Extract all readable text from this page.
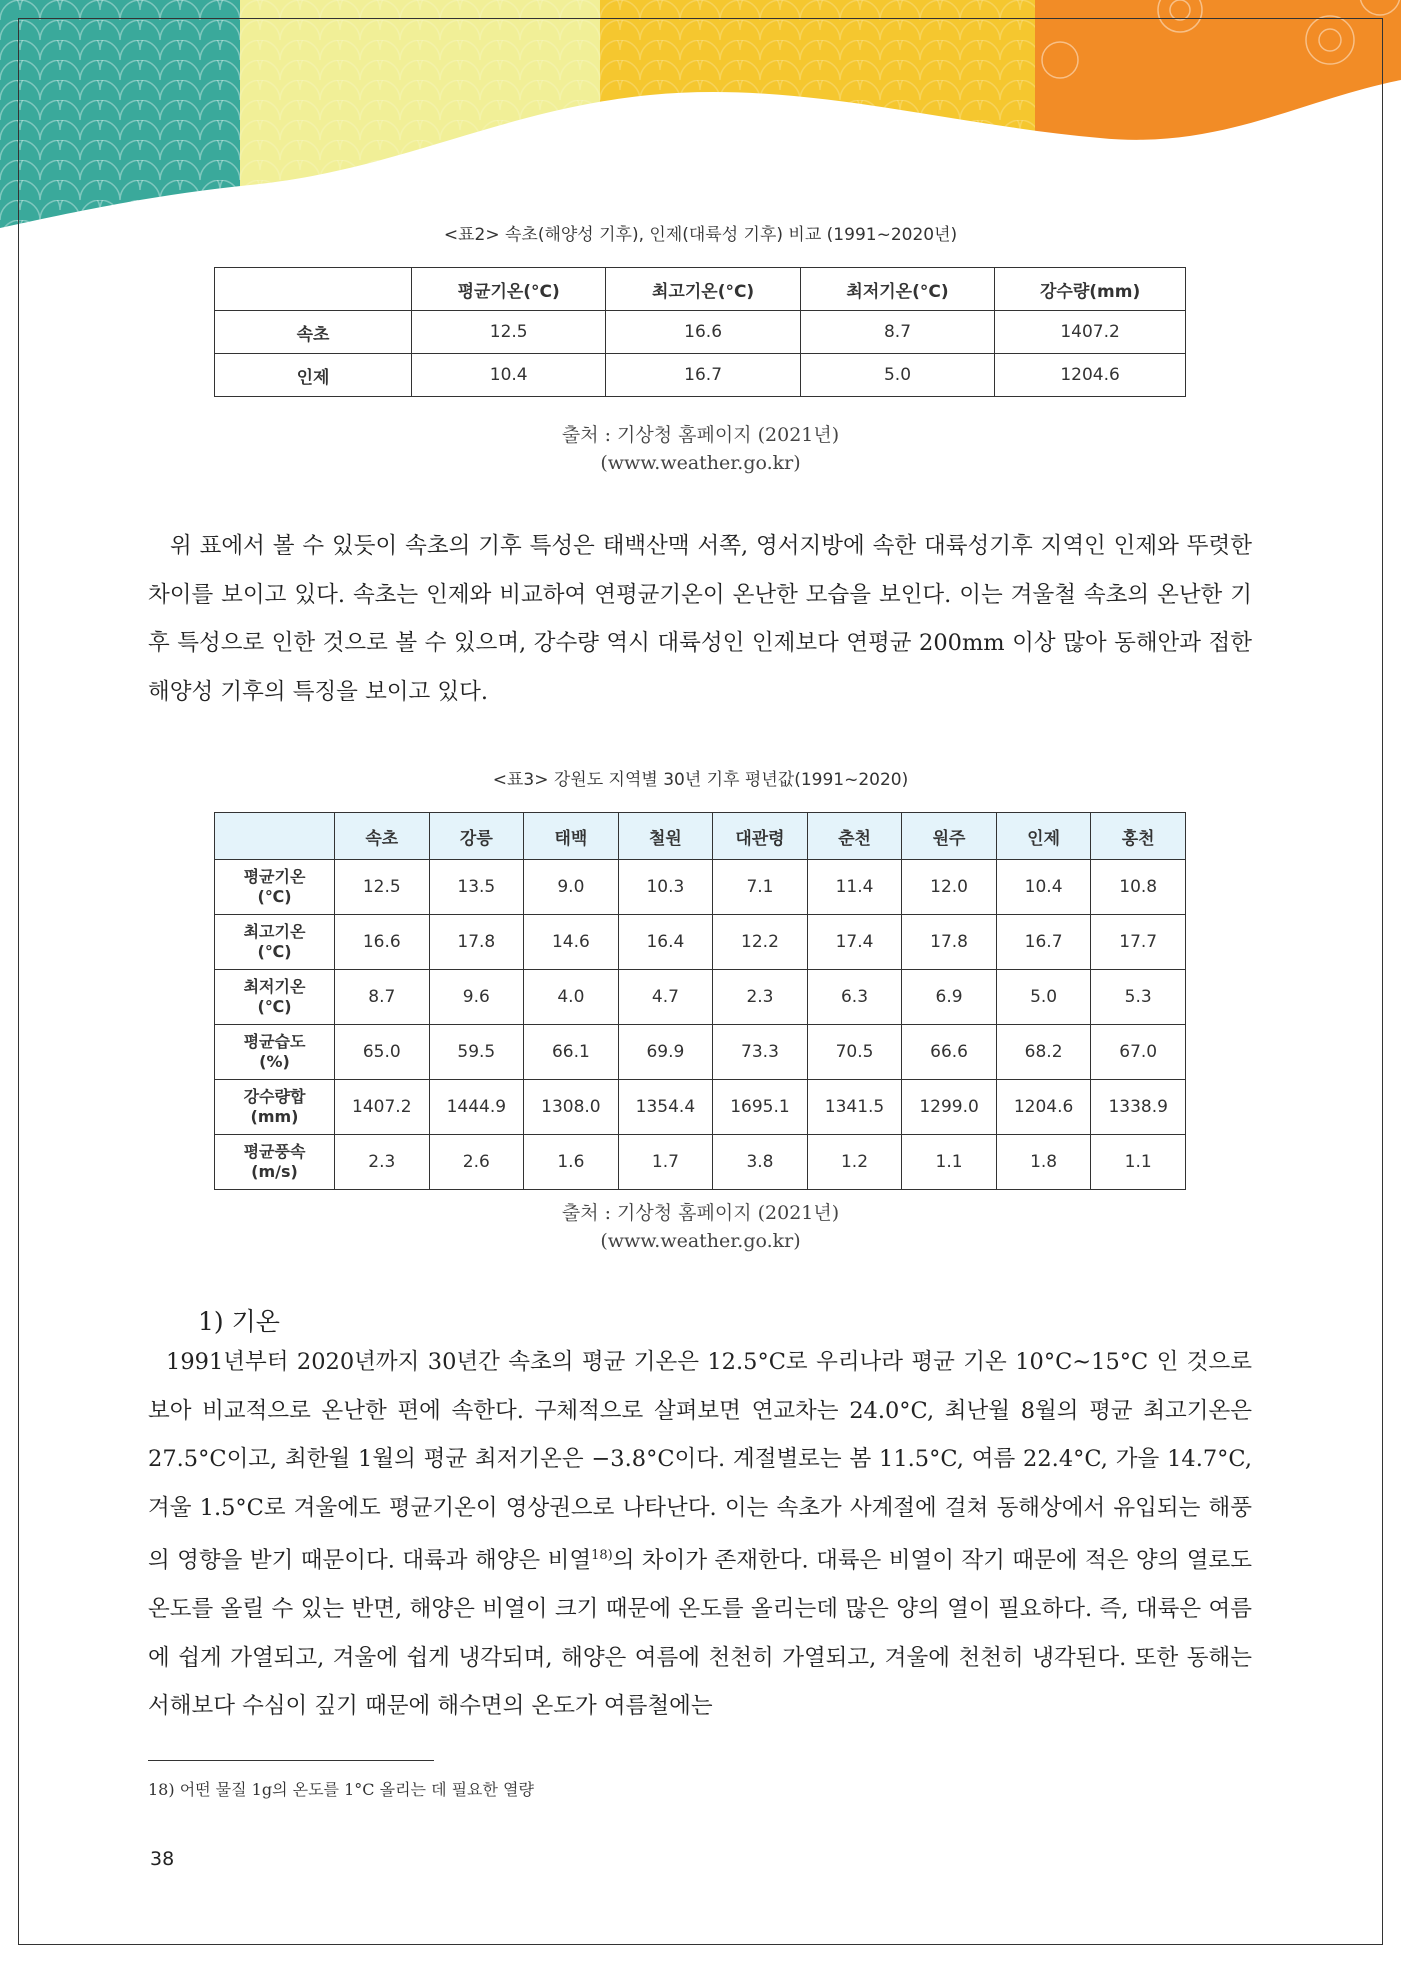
<표2> 속초(해양성 기후), 인제(대륙성 기후) 비교 (1991~2020년)
	평균기온(°C)	최고기온(°C)	최저기온(°C)	강수량(mm)
속초	12.5	16.6	8.7	1407.2
인제	10.4	16.7	5.0	1204.6
출처 : 기상청 홈페이지 (2021년)
(www.weather.go.kr)
위 표에서 볼 수 있듯이 속초의 기후 특성은 태백산맥 서쪽, 영서지방에 속한 대륙성기후 지역인 인제와 뚜렷한 차이를 보이고 있다. 속초는 인제와 비교하여 연평균기온이 온난한 모습을 보인다. 이는 겨울철 속초의 온난한 기후 특성으로 인한 것으로 볼 수 있으며, 강수량 역시 대륙성인 인제보다 연평균 200mm 이상 많아 동해안과 접한 해양성 기후의 특징을 보이고 있다.
<표3> 강원도 지역별 30년 기후 평년값(1991~2020)
	속초	강릉	태백	철원	대관령	춘천	원주	인제	홍천

평균기온
(℃)	12.5	13.5	9.0	10.3	7.1	11.4	12.0	10.4	10.8

최고기온
(℃)	16.6	17.8	14.6	16.4	12.2	17.4	17.8	16.7	17.7

최저기온
(℃)	8.7	9.6	4.0	4.7	2.3	6.3	6.9	5.0	5.3

평균습도
(%)	65.0	59.5	66.1	69.9	73.3	70.5	66.6	68.2	67.0

강수량합
(mm)	1407.2	1444.9	1308.0	1354.4	1695.1	1341.5	1299.0	1204.6	1338.9

평균풍속
(m/s)	2.3	2.6	1.6	1.7	3.8	1.2	1.1	1.8	1.1
출처 : 기상청 홈페이지 (2021년)
(www.weather.go.kr)
1) 기온
1991년부터 2020년까지 30년간 속초의 평균 기온은 12.5°C로 우리나라 평균 기온 10°C~15°C 인 것으로 보아 비교적으로 온난한 편에 속한다. 구체적으로 살펴보면 연교차는 24.0°C, 최난월 8월의 평균 최고기온은 27.5°C이고, 최한월 1월의 평균 최저기온은 −3.8°C이다. 계절별로는 봄 11.5°C, 여름 22.4°C, 가을 14.7°C, 겨울 1.5°C로 겨울에도 평균기온이 영상권으로 나타난다. 이는 속초가 사계절에 걸쳐 동해상에서 유입되는 해풍의 영향을 받기 때문이다. 대륙과 해양은 비열$^{18)}$의 차이가 존재한다. 대륙은 비열이 작기 때문에 적은 양의 열로도 온도를 올릴 수 있는 반면, 해양은 비열이 크기 때문에 온도를 올리는데 많은 양의 열이 필요하다. 즉, 대륙은 여름에 쉽게 가열되고, 겨울에 쉽게 냉각되며, 해양은 여름에 천천히 가열되고, 겨울에 천천히 냉각된다. 또한 동해는 서해보다 수심이 깊기 때문에 해수면의 온도가 여름철에는
18) 어떤 물질 1g의 온도를 1°C 올리는 데 필요한 열량
38
